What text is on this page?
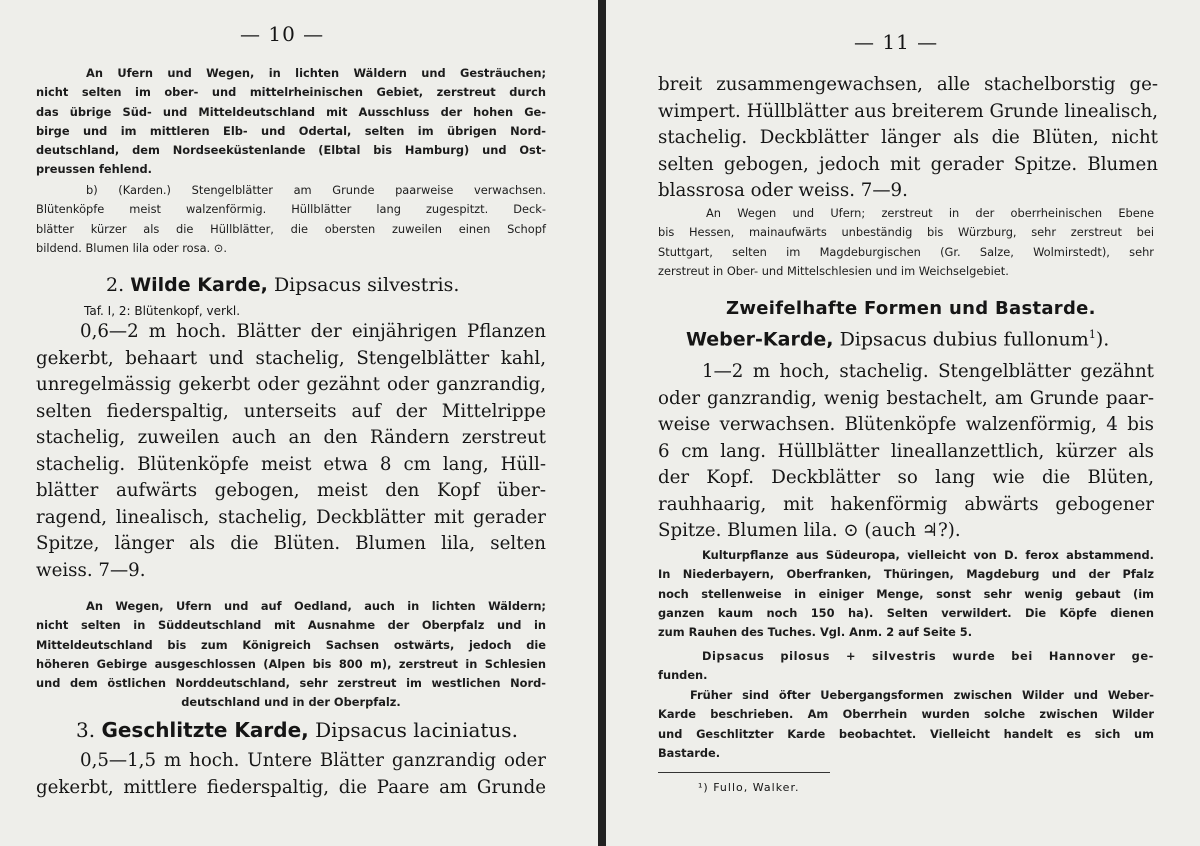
— 10 —
An Ufern und Wegen, in lichten Wäldern und Gesträuchen;
nicht selten im ober- und mittelrheinischen Gebiet, zerstreut durch
das übrige Süd- und Mitteldeutschland mit Ausschluss der hohen Ge-
birge und im mittleren Elb- und Odertal, selten im übrigen Nord-
deutschland, dem Nordseeküstenlande (Elbtal bis Hamburg) und Ost-
preussen fehlend.
b) (Karden.) Stengelblätter am Grunde paarweise verwachsen.
Blütenköpfe meist walzenförmig. Hüllblätter lang zugespitzt. Deck-
blätter kürzer als die Hüllblätter, die obersten zuweilen einen Schopf
bildend. Blumen lila oder rosa. ⊙.
2. Wilde Karde, Dipsacus silvestris.
Taf. I, 2: Blütenkopf, verkl.
0,6—2 m hoch. Blätter der einjährigen Pflanzen
gekerbt, behaart und stachelig, Stengelblätter kahl,
unregelmässig gekerbt oder gezähnt oder ganzrandig,
selten fiederspaltig, unterseits auf der Mittelrippe
stachelig, zuweilen auch an den Rändern zerstreut
stachelig. Blütenköpfe meist etwa 8 cm lang, Hüll-
blätter aufwärts gebogen, meist den Kopf über-
ragend, linealisch, stachelig, Deckblätter mit gerader
Spitze, länger als die Blüten. Blumen lila, selten
weiss. 7—9.
An Wegen, Ufern und auf Oedland, auch in lichten Wäldern;
nicht selten in Süddeutschland mit Ausnahme der Oberpfalz und in
Mitteldeutschland bis zum Königreich Sachsen ostwärts, jedoch die
höheren Gebirge ausgeschlossen (Alpen bis 800 m), zerstreut in Schlesien
und dem östlichen Norddeutschland, sehr zerstreut im westlichen Nord-
deutschland und in der Oberpfalz.
3. Geschlitzte Karde, Dipsacus laciniatus.
0,5—1,5 m hoch. Untere Blätter ganzrandig oder
gekerbt, mittlere fiederspaltig, die Paare am Grunde
— 11 —
breit zusammengewachsen, alle stachelborstig ge-
wimpert. Hüllblätter aus breiterem Grunde linealisch,
stachelig. Deckblätter länger als die Blüten, nicht
selten gebogen, jedoch mit gerader Spitze. Blumen
blassrosa oder weiss. 7—9.
An Wegen und Ufern; zerstreut in der oberrheinischen Ebene
bis Hessen, mainaufwärts unbeständig bis Würzburg, sehr zerstreut bei
Stuttgart, selten im Magdeburgischen (Gr. Salze, Wolmirstedt), sehr
zerstreut in Ober- und Mittelschlesien und im Weichselgebiet.
Zweifelhafte Formen und Bastarde.
Weber-Karde, Dipsacus dubius fullonum$^1$).
1—2 m hoch, stachelig. Stengelblätter gezähnt
oder ganzrandig, wenig bestachelt, am Grunde paar-
weise verwachsen. Blütenköpfe walzenförmig, 4 bis
6 cm lang. Hüllblätter lineallanzettlich, kürzer als
der Kopf. Deckblätter so lang wie die Blüten,
rauhhaarig, mit hakenförmig abwärts gebogener
Spitze. Blumen lila. ⊙ (auch ♃?).
Kulturpflanze aus Südeuropa, vielleicht von D. ferox abstammend.
In Niederbayern, Oberfranken, Thüringen, Magdeburg und der Pfalz
noch stellenweise in einiger Menge, sonst sehr wenig gebaut (im
ganzen kaum noch 150 ha). Selten verwildert. Die Köpfe dienen
zum Rauhen des Tuches. Vgl. Anm. 2 auf Seite 5.
Dipsacus pilosus + silvestris wurde bei Hannover ge-
funden.
Früher sind öfter Uebergangsformen zwischen Wilder und Weber-
Karde beschrieben. Am Oberrhein wurden solche zwischen Wilder
und Geschlitzter Karde beobachtet. Vielleicht handelt es sich um
Bastarde.
¹) Fullo, Walker.
